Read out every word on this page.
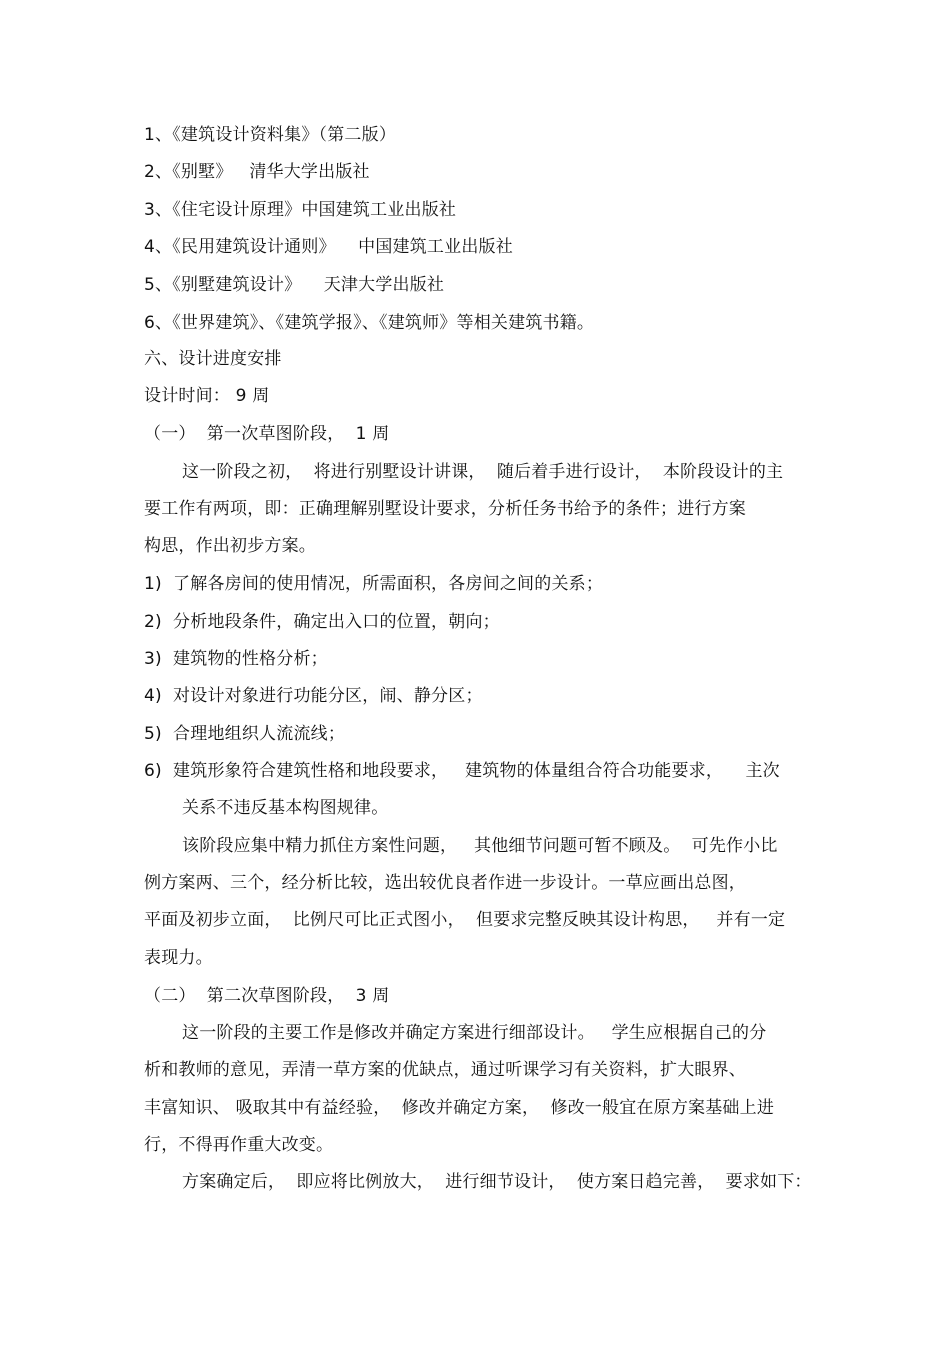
1、《建筑设计资料集》（第二版）
2、《别墅》   清华大学出版社
3、《住宅设计原理》中国建筑工业出版社
4、《民用建筑设计通则》    中国建筑工业出版社
5、《别墅建筑设计》    天津大学出版社
6、《世界建筑》、《建筑学报》、《建筑师》等相关建筑书籍。
六、设计进度安排
设计时间： 9 周
（一）  第一次草图阶段，  1 周
这一阶段之初，  将进行别墅设计讲课，  随后着手进行设计，  本阶段设计的主
要工作有两项，即：正确理解别墅设计要求，分析任务书给予的条件；进行方案
构思，作出初步方案。
1)  了解各房间的使用情况，所需面积，各房间之间的关系；
2)  分析地段条件，确定出入口的位置，朝向；
3)  建筑物的性格分析；
4)  对设计对象进行功能分区，闹、静分区；
5)  合理地组织人流流线；
6)  建筑形象符合建筑性格和地段要求，   建筑物的体量组合符合功能要求，    主次
关系不违反基本构图规律。
该阶段应集中精力抓住方案性问题，   其他细节问题可暂不顾及。  可先作小比
例方案两、三个，经分析比较，选出较优良者作进一步设计。一草应画出总图，
平面及初步立面，  比例尺可比正式图小，  但要求完整反映其设计构思，   并有一定
表现力。
（二）  第二次草图阶段，  3 周
这一阶段的主要工作是修改并确定方案进行细部设计。   学生应根据自己的分
析和教师的意见，弄清一草方案的优缺点，通过听课学习有关资料，扩大眼界、
丰富知识、 吸取其中有益经验，  修改并确定方案，  修改一般宜在原方案基础上进
行，不得再作重大改变。
方案确定后，  即应将比例放大，  进行细节设计，  使方案日趋完善，  要求如下：
